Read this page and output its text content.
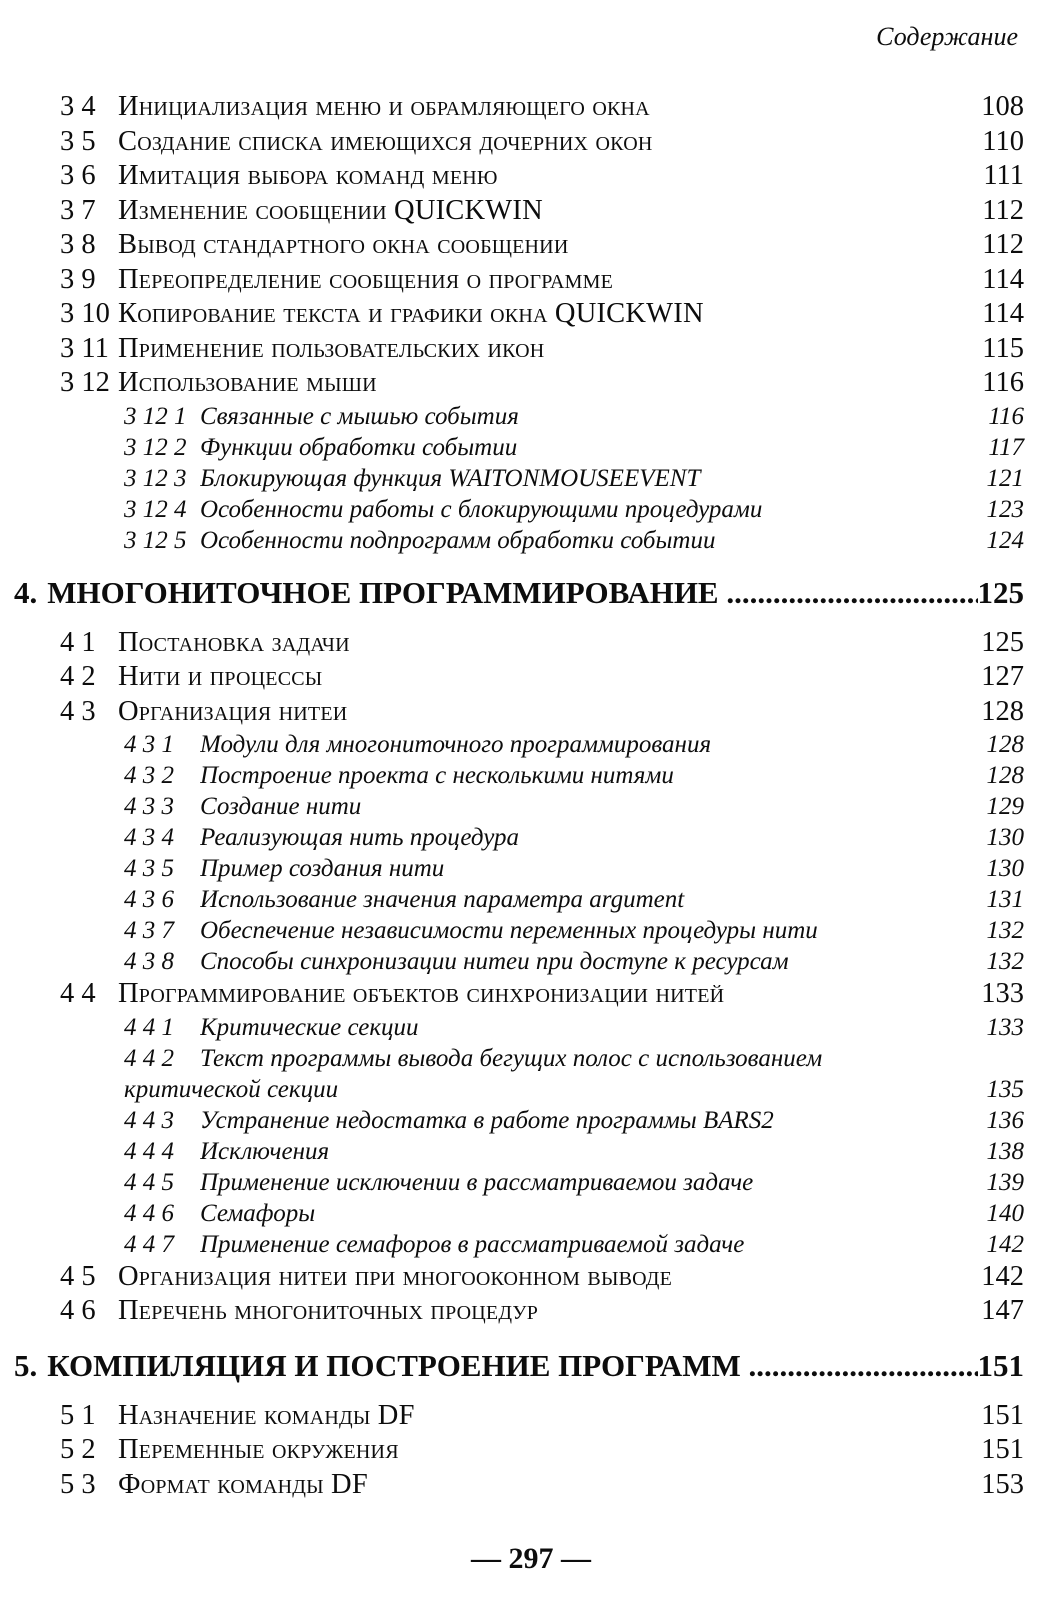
Содержание
3 4 Инициализация меню и обрамляющего окна	108
3 5 Создание списка имеющихся дочерних окон	110
3 6 Имитация выбора команд меню	111
3 7 Изменение сообщении QUICKWIN	112
3 8 Вывод стандартного окна сообщении	112
3 9 Переопределение сообщения о программе	114
3 10 Копирование текста и графики окна QUICKWIN	114
3 11 Применение пользовательских икон	115
3 12 Использование мыши	116
3 12 1 Связанные с мышью события	116
3 12 2 Функции обработки событии	117
3 12 3 Блокирующая функция WAITONMOUSEEVENT	121
3 12 4 Особенности работы с блокирующими процедурами	123
3 12 5 Особенности подпрограмм обработки событии	124
4. МНОГОНИТОЧНОЕ ПРОГРАММИРОВАНИЕ .....	125
4 1 Постановка задачи	125
4 2 Нити и процессы	127
4 3 Организация нитеи	128
4 3 1	Модули для многониточного программирования	128
4 3 2	Построение проекта с несколькими нитями	128
4 3 3	Создание нити	129
4 3 4	Реализующая нить процедура	130
4 3 5	Пример создания нити	130
4 3 6	Использование значения параметра argument	131
4 3 7	Обеспечение независимости переменных процедуры нити	132
4 3 8	Способы синхронизации нитеи при доступе к ресурсам	132
4 4 Программирование объектов синхронизации нитей	133
4 4 1	Критические секции	133
4 4 2	Текст программы вывода бегущих полос с использованием
критической секции	135
4 4 3	Устранение недостатка в работе программы BARS2	136
4 4 4	Исключения	138
4 4 5	Применение исключении в рассматриваемои задаче	139
4 4 6	Семафоры	140
4 4 7	Применение семафоров в рассматриваемой задаче	142
4 5 Организация нитеи при многооконном выводе	142
4 6 Перечень многониточных процедур	147
5. КОМПИЛЯЦИЯ И ПОСТРОЕНИЕ ПРОГРАММ .....	151
5 1 Назначение команды DF	151
5 2 Переменные окружения	151
5 3 Формат команды DF	153
— 297 —
